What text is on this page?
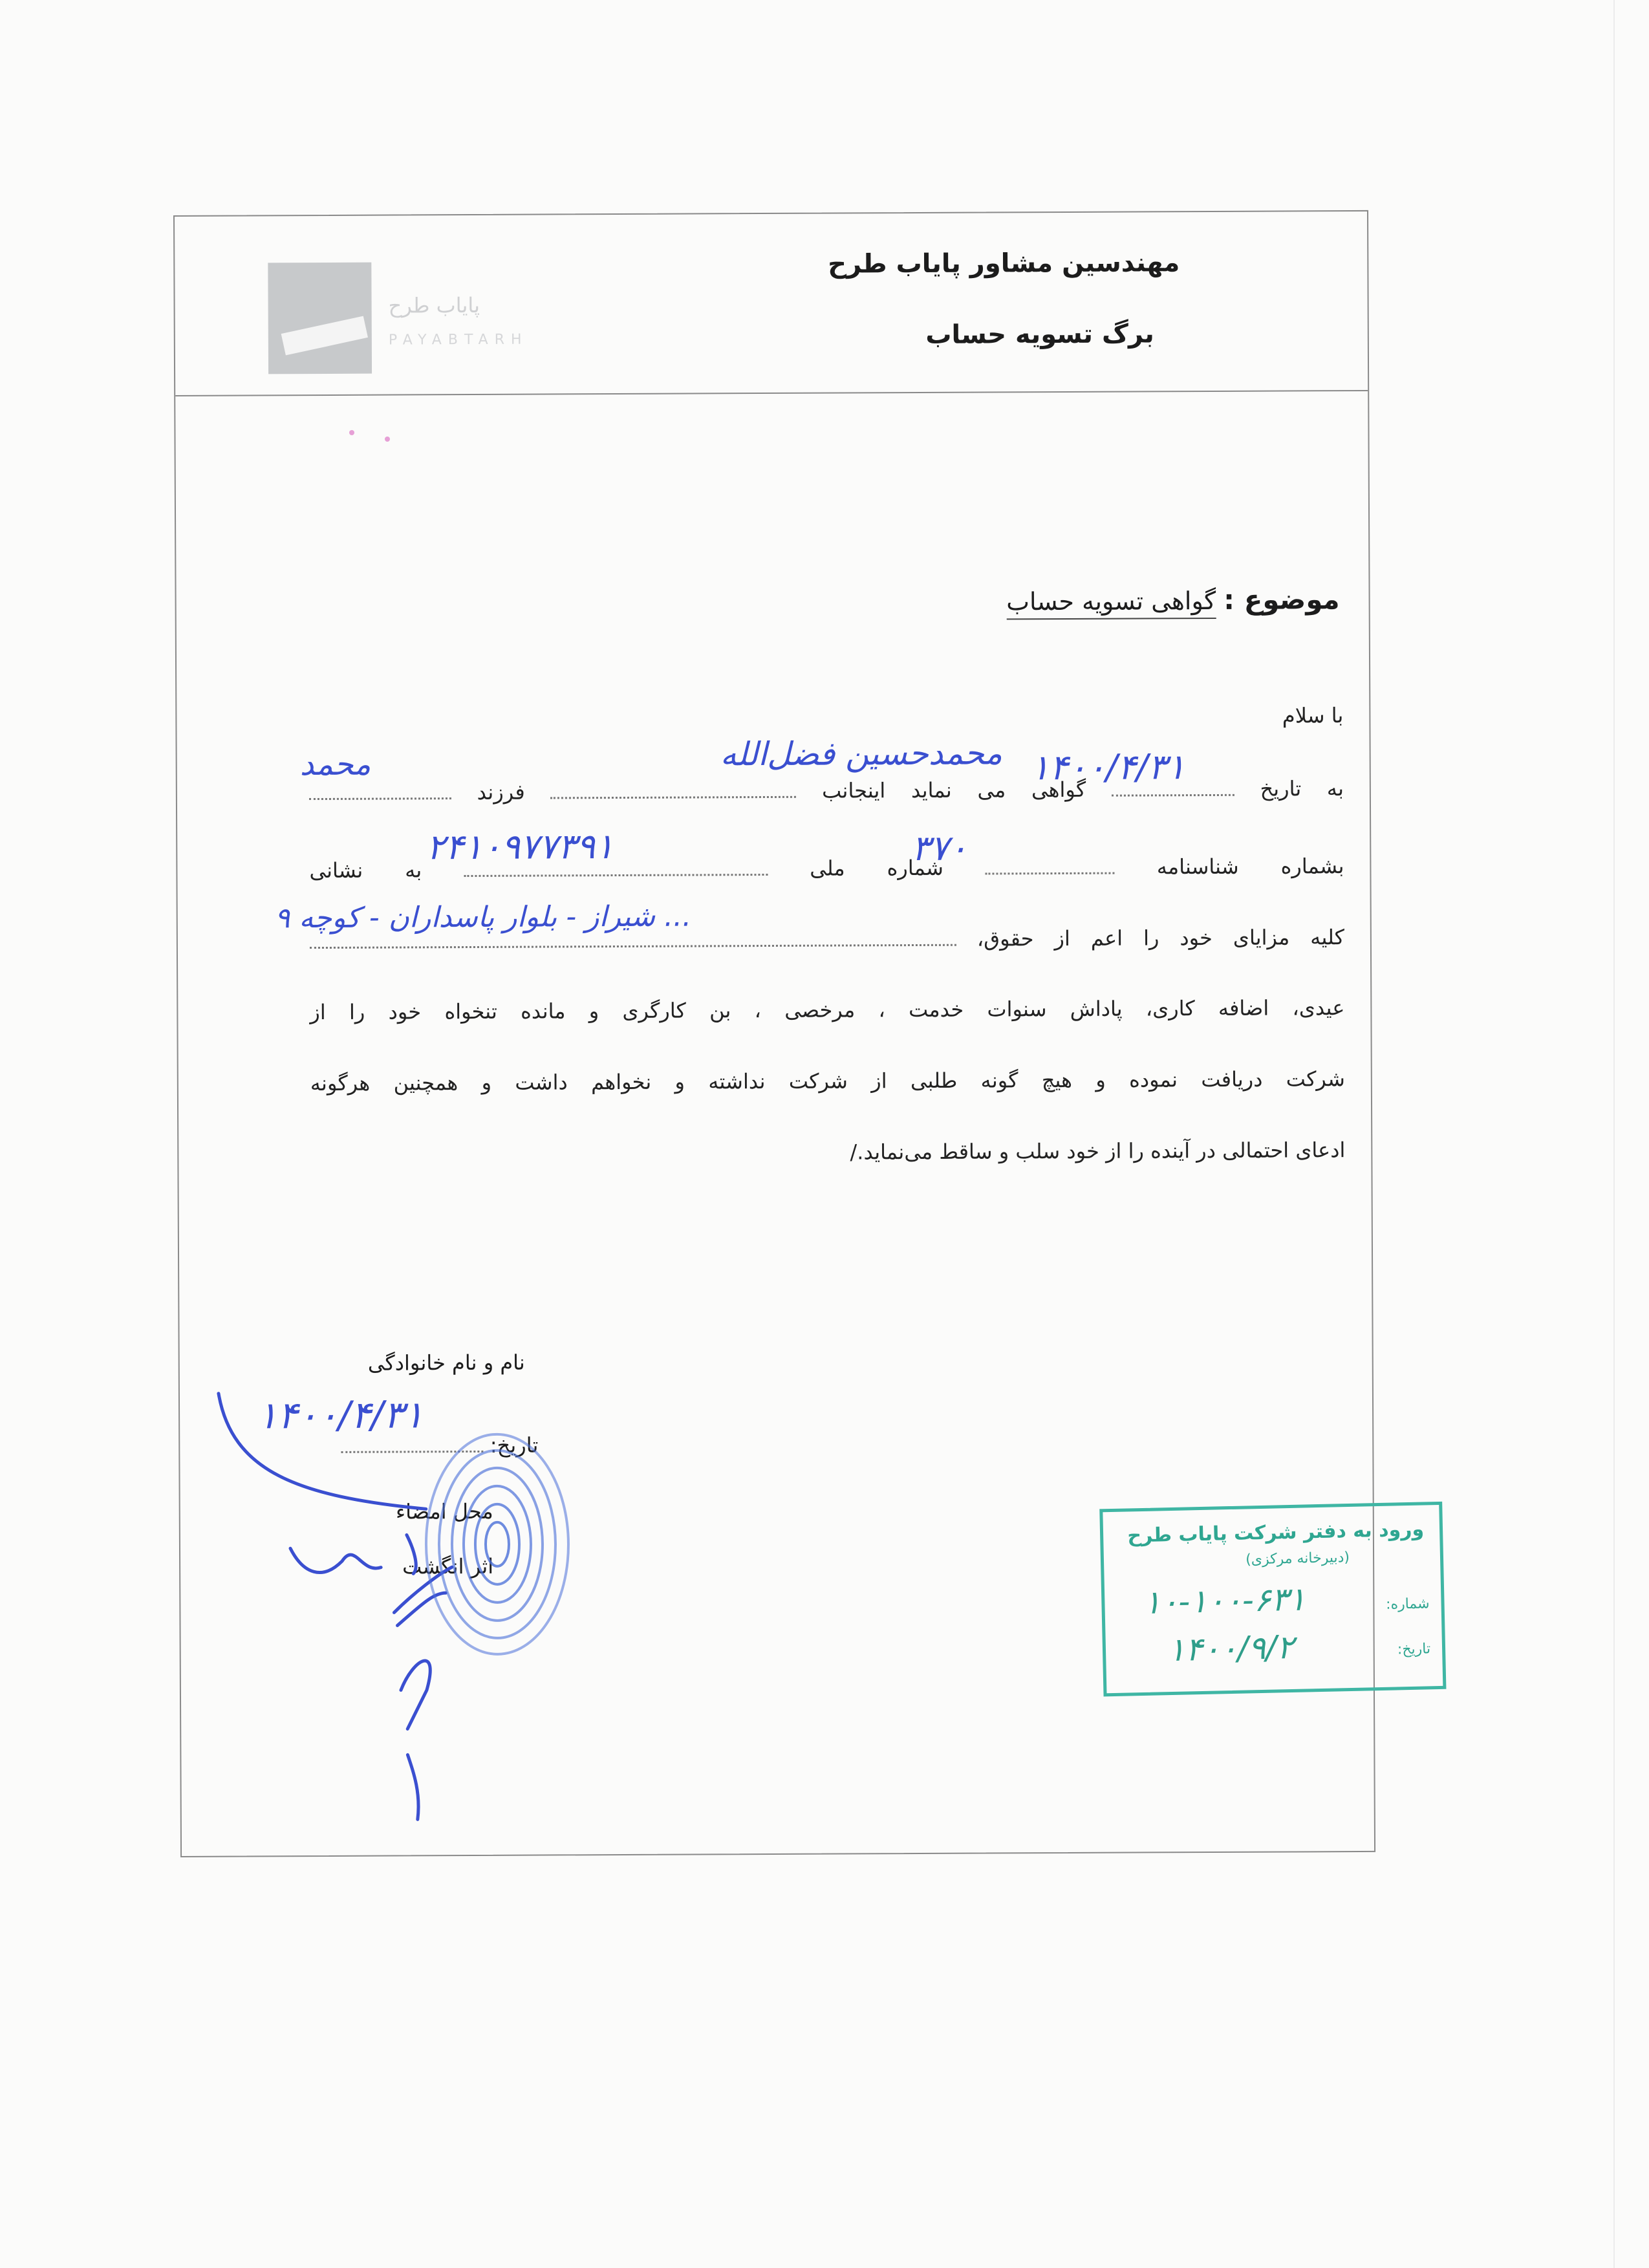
پایاب طرح
PAYABTARH
مهندسین مشاور پایاب طرح
برگ تسویه حساب
موضوع : گواهی تسویه حساب
با سلام
به تاریخ  گواهی می نماید اینجانب  فرزند
بشماره شناسنامه  شماره ملی  به نشانی
کلیه مزایای خود را اعم از حقوق،
عیدی، اضافه کاری، پاداش سنوات خدمت ، مرخصی ، بن کارگری و مانده تنخواه خود را از
شرکت دریافت نموده و هیچ گونه طلبی از شرکت نداشته و نخواهم داشت و همچنین هرگونه
ادعای احتمالی در آینده را از خود سلب و ساقط می‌نماید./
۱۴۰۰/۴/۳۱
محمدحسین فضل‌الله
محمد
۳۷۰
۲۴۱۰۹۷۷۳۹۱
شیراز - بلوار پاسداران - کوچه ۹ ...
نام و نام خانوادگی
تاریخ:
۱۴۰۰/۴/۳۱
محل امضاء
اثر انگشت
ورود به دفتر شرکت پایاب طرح
(دبیرخانه مرکزی)
شماره:
تاریخ:
۱۰-۱۰۰-۶۳۱
۱۴۰۰/۹/۲
